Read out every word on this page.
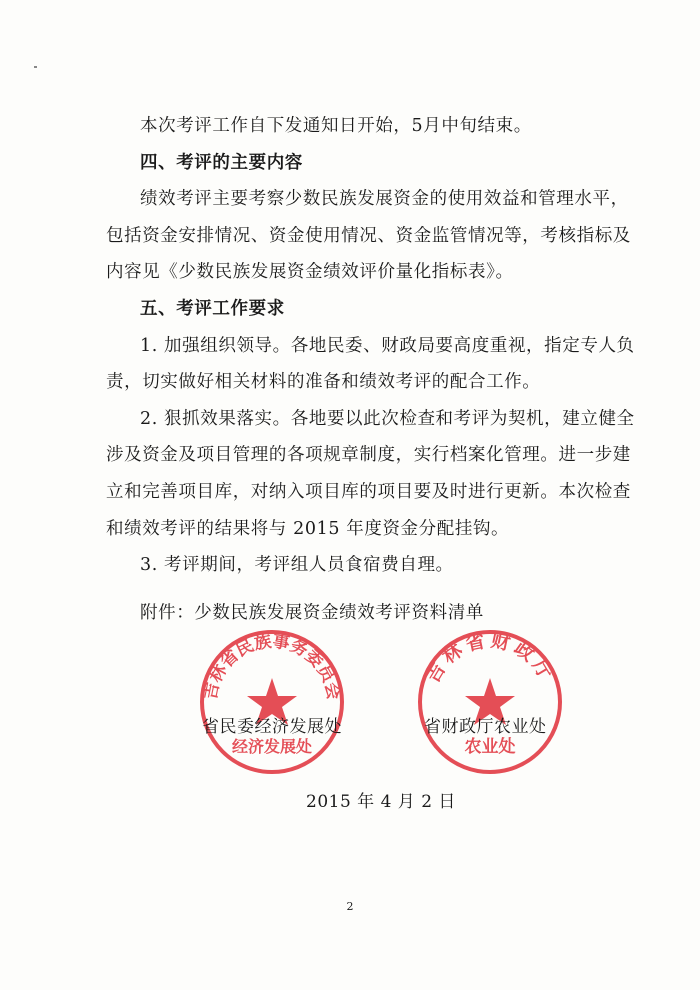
本次考评工作自下发通知日开始，5月中旬结束。
四、考评的主要内容
绩效考评主要考察少数民族发展资金的使用效益和管理水平，
包括资金安排情况、资金使用情况、资金监管情况等，考核指标及
内容见《少数民族发展资金绩效评价量化指标表》。
五、考评工作要求
1. 加强组织领导。各地民委、财政局要高度重视，指定专人负
责，切实做好相关材料的准备和绩效考评的配合工作。
2. 狠抓效果落实。各地要以此次检查和考评为契机，建立健全
涉及资金及项目管理的各项规章制度，实行档案化管理。进一步建
立和完善项目库，对纳入项目库的项目要及时进行更新。本次检查
和绩效考评的结果将与 2015 年度资金分配挂钩。
3. 考评期间，考评组人员食宿费自理。
附件：少数民族发展资金绩效考评资料清单
吉林省民族事务委员会
经济发展处
吉林省财政厅
农业处
省民委经济发展处	省财政厅农业处
2015 年 4 月 2 日
2
